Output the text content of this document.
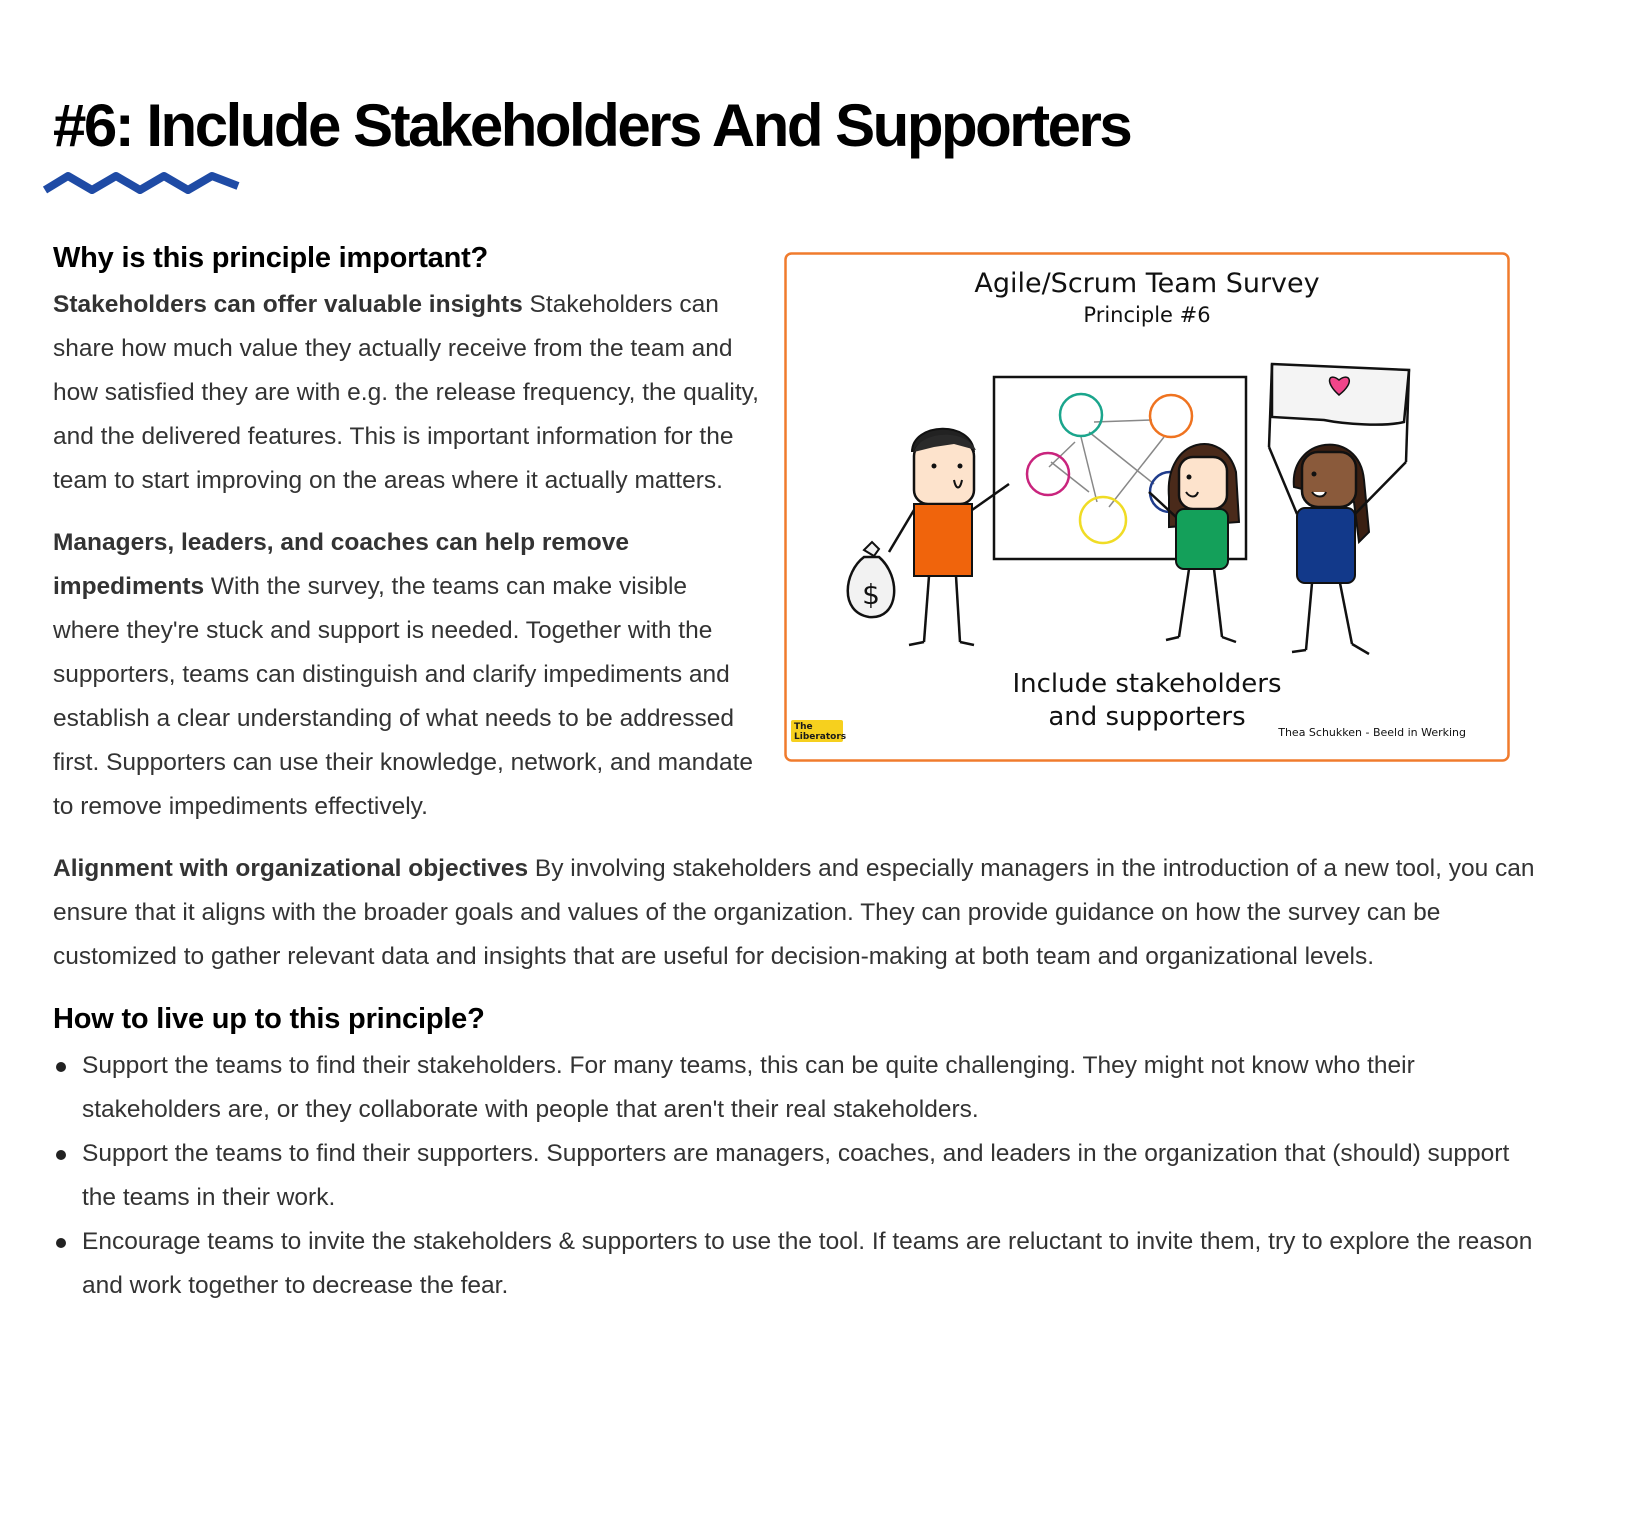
#6: Include Stakeholders And Supporters
Agile/Scrum Team Survey
Principle #6
$
Include stakeholders
and supporters
The
Liberators	Thea Schukken - Beeld in Werking
Why is this principle important?

Stakeholders can offer valuable insights Stakeholders can share how much value they actually receive from the team and how satisfied they are with e.g. the release frequency, the quality, and the delivered features. This is important information for the team to start improving on the areas where it actually matters.

Managers, leaders, and coaches can help remove impediments With the survey, the teams can make visible where they're stuck and support is needed. Together with the supporters, teams can distinguish and clarify impediments and establish a clear understanding of what needs to be addressed first. Supporters can use their knowledge, network, and mandate to remove impediments effectively.

Alignment with organizational objectives By involving stakeholders and especially managers in the introduction of a new tool, you can ensure that it aligns with the broader goals and values of the organization. They can provide guidance on how the survey can be customized to gather relevant data and insights that are useful for decision-making at both team and organizational levels.

How to live up to this principle?
Support the teams to find their stakeholders. For many teams, this can be quite challenging. They might not know who their stakeholders are, or they collaborate with people that aren't their real stakeholders.
Support the teams to find their supporters. Supporters are managers, coaches, and leaders in the organization that (should) support the teams in their work.
Encourage teams to invite the stakeholders & supporters to use the tool. If teams are reluctant to invite them, try to explore the reason and work together to decrease the fear.
